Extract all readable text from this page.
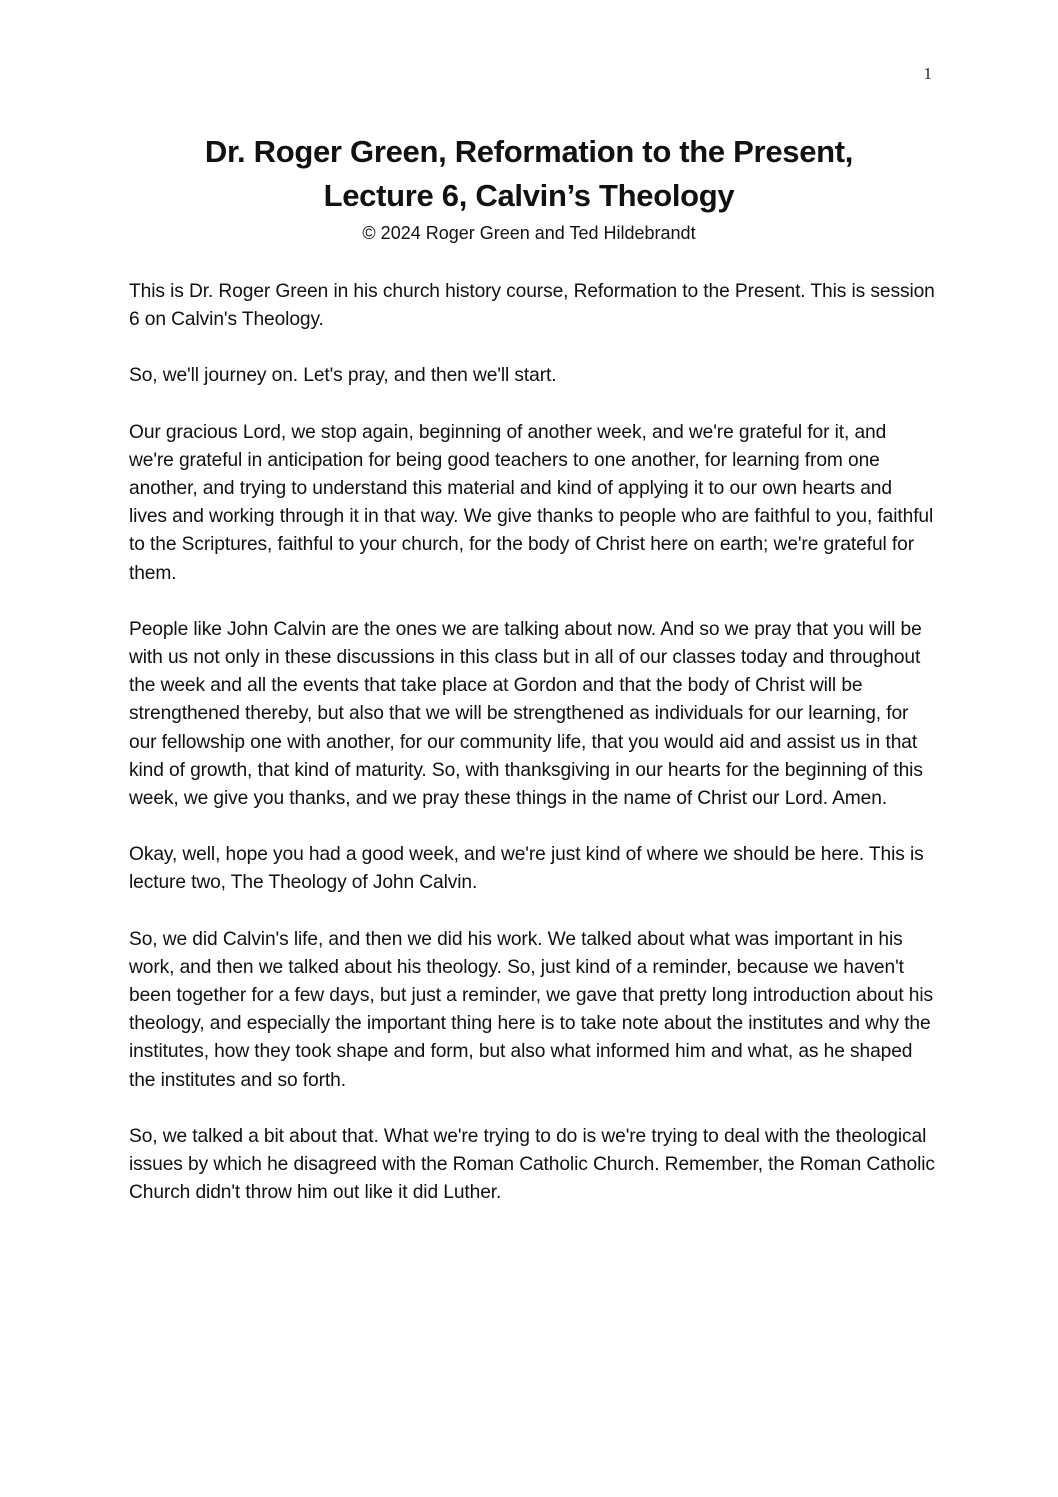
1
Dr. Roger Green, Reformation to the Present,
Lecture 6, Calvin’s Theology
© 2024 Roger Green and Ted Hildebrandt

This is Dr. Roger Green in his church history course, Reformation to the Present. This is session 6 on Calvin's Theology.

So, we'll journey on. Let's pray, and then we'll start.

Our gracious Lord, we stop again, beginning of another week, and we're grateful for it, and we're grateful in anticipation for being good teachers to one another, for learning from one another, and trying to understand this material and kind of applying it to our own hearts and lives and working through it in that way. We give thanks to people who are faithful to you, faithful to the Scriptures, faithful to your church, for the body of Christ here on earth; we're grateful for them.

People like John Calvin are the ones we are talking about now. And so we pray that you will be with us not only in these discussions in this class but in all of our classes today and throughout the week and all the events that take place at Gordon and that the body of Christ will be strengthened thereby, but also that we will be strengthened as individuals for our learning, for our fellowship one with another, for our community life, that you would aid and assist us in that kind of growth, that kind of maturity. So, with thanksgiving in our hearts for the beginning of this week, we give you thanks, and we pray these things in the name of Christ our Lord. Amen.

Okay, well, hope you had a good week, and we're just kind of where we should be here. This is lecture two, The Theology of John Calvin.

So, we did Calvin's life, and then we did his work. We talked about what was important in his work, and then we talked about his theology. So, just kind of a reminder, because we haven't been together for a few days, but just a reminder, we gave that pretty long introduction about his theology, and especially the important thing here is to take note about the institutes and why the institutes, how they took shape and form, but also what informed him and what, as he shaped the institutes and so forth.

So, we talked a bit about that. What we're trying to do is we're trying to deal with the theological issues by which he disagreed with the Roman Catholic Church. Remember, the Roman Catholic Church didn't throw him out like it did Luther.
